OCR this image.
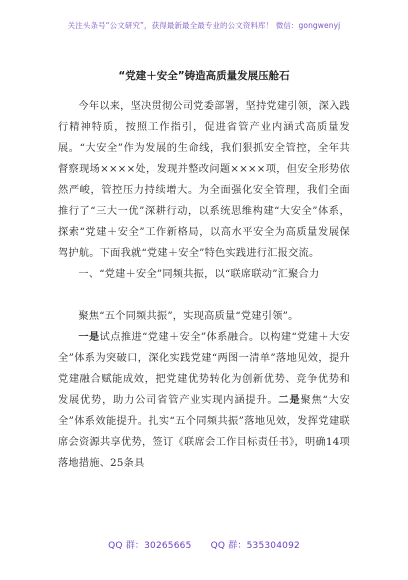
关注头条号“公文研究”，获得最新最全最专业的公文资料库！ 微信：gongwenyj
“党建＋安全”铸造高质量发展压舱石

今年以来，坚决贯彻公司党委部署，坚持党建引领，深入践行精神特质，按照工作指引，促进省管产业内涵式高质量发展。“大安全”作为发展的生命线，我们狠抓安全管控，全年共督察现场××××处，发现并整改问题××××项，但安全形势依然严峻，管控压力持续增大。为全面强化安全管理，我们全面推行了“三大一优”深耕行动，以系统思维构建“大安全”体系，探索“党建＋安全”工作新格局，以高水平安全为高质量发展保驾护航。下面我就“党建＋安全”特色实践进行汇报交流。

一、“党建＋安全”同频共振，以“联席联动”汇聚合力

聚焦“五个同频共振”，实现高质量“党建引领”。

一是试点推进“党建＋安全”体系融合。以构建“党建＋大安全”体系为突破口，深化实践党建“两图一清单”落地见效，提升党建融合赋能成效，把党建优势转化为创新优势、竞争优势和发展优势，助力公司省管产业实现内涵提升。二是聚焦“大安全”体系效能提升。扎实“五个同频共振”落地见效，发挥党建联席会资源共享优势，签订《联席会工作目标责任书》，明确14项落地措施、25条具

QQ 群：30265665 QQ 群：535304092
